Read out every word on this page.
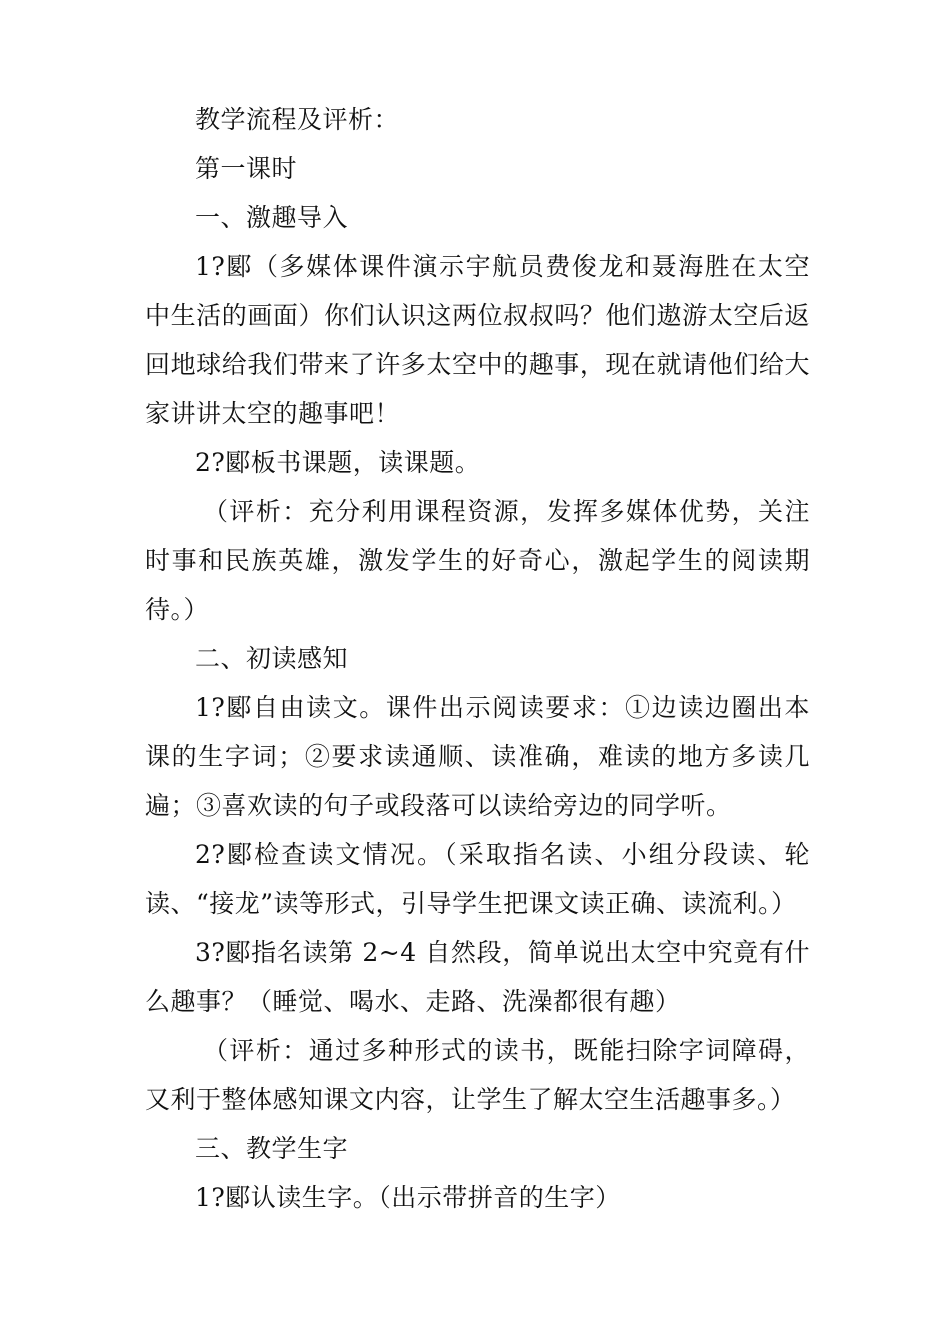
教学流程及评析：

第一课时

一、激趣导入

1?郾（多媒体课件演示宇航员费俊龙和聂海胜在太空中生活的画面）你们认识这两位叔叔吗？他们遨游太空后返回地球给我们带来了许多太空中的趣事，现在就请他们给大家讲讲太空的趣事吧！

2?郾板书课题，读课题。

（评析：充分利用课程资源，发挥多媒体优势，关注时事和民族英雄，激发学生的好奇心，激起学生的阅读期待。）

二、初读感知

1?郾自由读文。课件出示阅读要求：①边读边圈出本课的生字词；②要求读通顺、读准确，难读的地方多读几遍；③喜欢读的句子或段落可以读给旁边的同学听。

2?郾检查读文情况。（采取指名读、小组分段读、轮读、“接龙”读等形式，引导学生把课文读正确、读流利。）

3?郾指名读第 2~4 自然段，简单说出太空中究竟有什么趣事？（睡觉、喝水、走路、洗澡都很有趣）

（评析：通过多种形式的读书，既能扫除字词障碍，又利于整体感知课文内容，让学生了解太空生活趣事多。）

三、教学生字

1?郾认读生字。（出示带拼音的生字）
